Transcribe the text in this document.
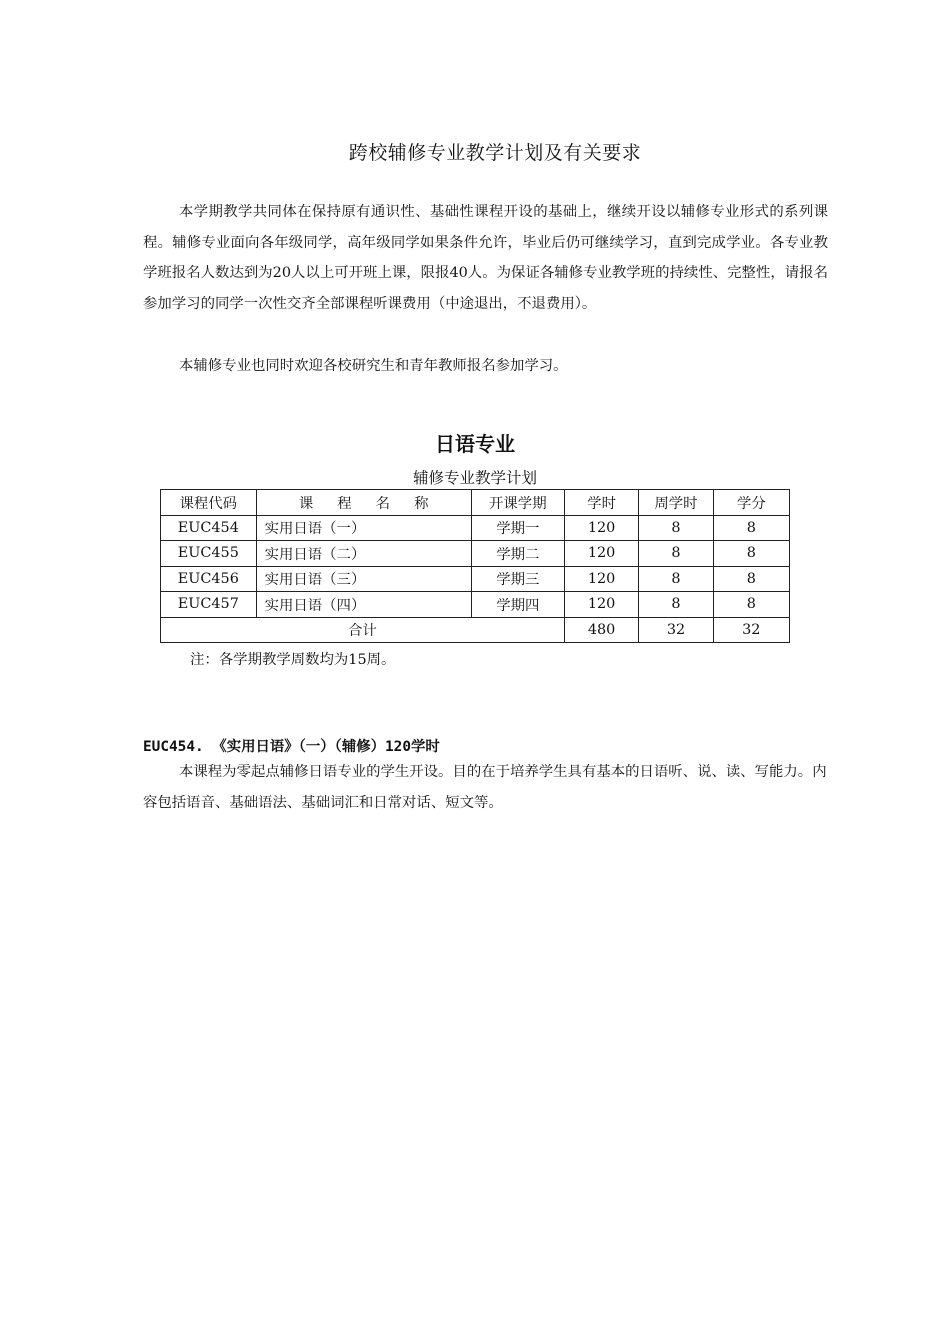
跨校辅修专业教学计划及有关要求

本学期教学共同体在保持原有通识性、基础性课程开设的基础上，继续开设以辅修专业形式的系列课程。辅修专业面向各年级同学，高年级同学如果条件允许，毕业后仍可继续学习，直到完成学业。各专业教学班报名人数达到为20人以上可开班上课，限报40人。为保证各辅修专业教学班的持续性、完整性，请报名参加学习的同学一次性交齐全部课程听课费用（中途退出，不退费用）。

本辅修专业也同时欢迎各校研究生和青年教师报名参加学习。

日语专业
辅修专业教学计划
课程代码	课程名称	开课学期	学时	周学时	学分
EUC454	实用日语（一）	学期一	120	8	8
EUC455	实用日语（二）	学期二	120	8	8
EUC456	实用日语（三）	学期三	120	8	8
EUC457	实用日语（四）	学期四	120	8	8
合计			480	32	32
注：各学期教学周数均为15周。
EUC454. 《实用日语》（一）（辅修）120学时

本课程为零起点辅修日语专业的学生开设。目的在于培养学生具有基本的日语听、说、读、写能力。内容包括语音、基础语法、基础词汇和日常对话、短文等。
